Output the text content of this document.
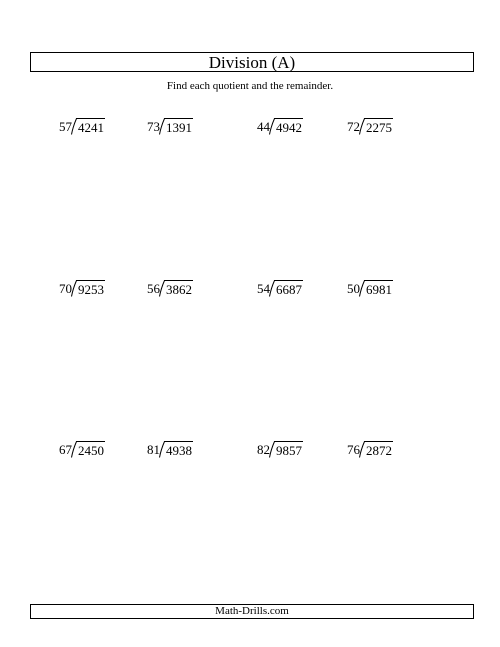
Division (A)
Find each quotient and the remainder.
57 4241	73 1391	44 4942	72 2275
70 9253	56 3862	54 6687	50 6981
67 2450	81 4938	82 9857	76 2872
Math-Drills.com
